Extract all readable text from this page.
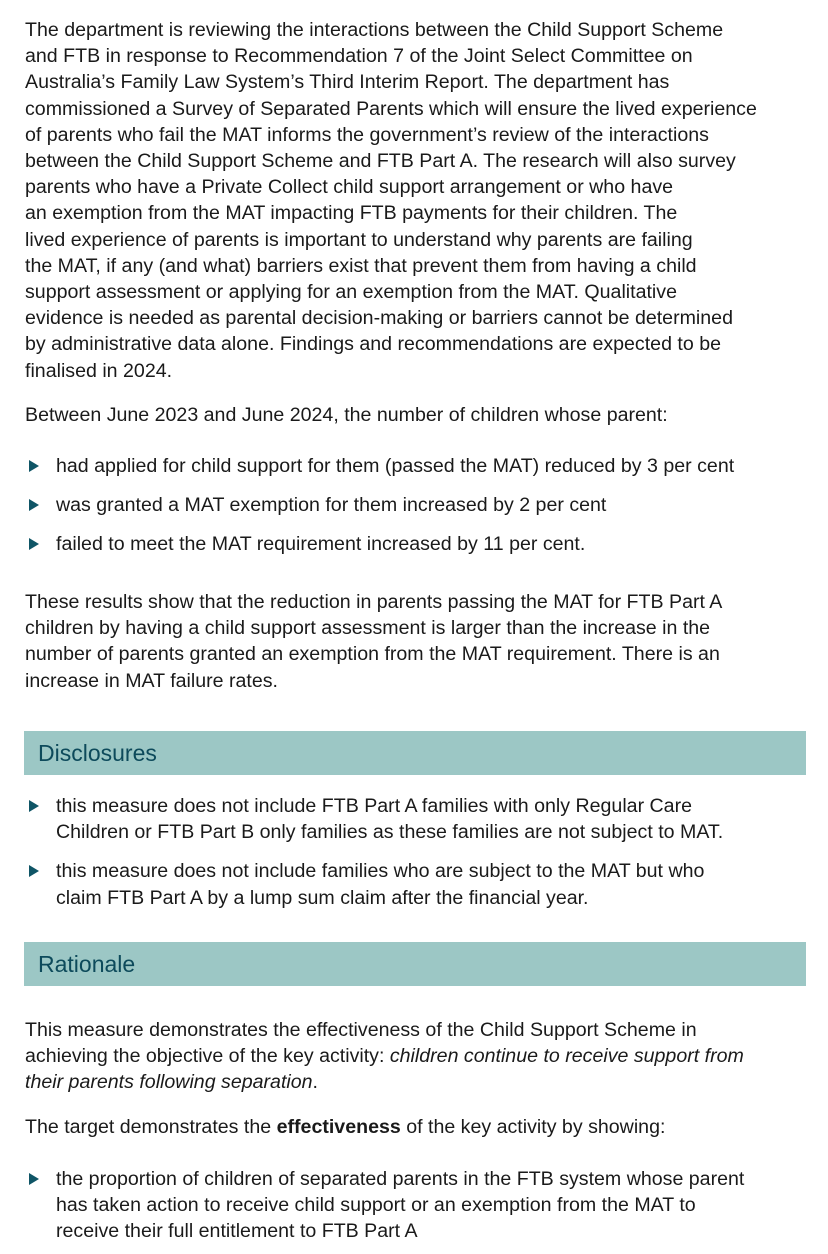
The department is reviewing the interactions between the Child Support Scheme
and FTB in response to Recommendation 7 of the Joint Select Committee on
Australia’s Family Law System’s Third Interim Report. The department has
commissioned a Survey of Separated Parents which will ensure the lived experience
of parents who fail the MAT informs the government’s review of the interactions
between the Child Support Scheme and FTB Part A. The research will also survey
parents who have a Private Collect child support arrangement or who have
an exemption from the MAT impacting FTB payments for their children. The
lived experience of parents is important to understand why parents are failing
the MAT, if any (and what) barriers exist that prevent them from having a child
support assessment or applying for an exemption from the MAT. Qualitative
evidence is needed as parental decision-making or barriers cannot be determined
by administrative data alone. Findings and recommendations are expected to be
finalised in 2024.

Between June 2023 and June 2024, the number of children whose parent:

had applied for child support for them (passed the MAT) reduced by 3 per cent
was granted a MAT exemption for them increased by 2 per cent
failed to meet the MAT requirement increased by 11 per cent.

These results show that the reduction in parents passing the MAT for FTB Part A
children by having a child support assessment is larger than the increase in the
number of parents granted an exemption from the MAT requirement. There is an
increase in MAT failure rates.

Disclosures
this measure does not include FTB Part A families with only Regular Care
Children or FTB Part B only families as these families are not subject to MAT.
this measure does not include families who are subject to the MAT but who
claim FTB Part A by a lump sum claim after the financial year.
Rationale

This measure demonstrates the effectiveness of the Child Support Scheme in
achieving the objective of the key activity: children continue to receive support from
their parents following separation.

The target demonstrates the effectiveness of the key activity by showing:

the proportion of children of separated parents in the FTB system whose parent
has taken action to receive child support or an exemption from the MAT to
receive their full entitlement to FTB Part A
